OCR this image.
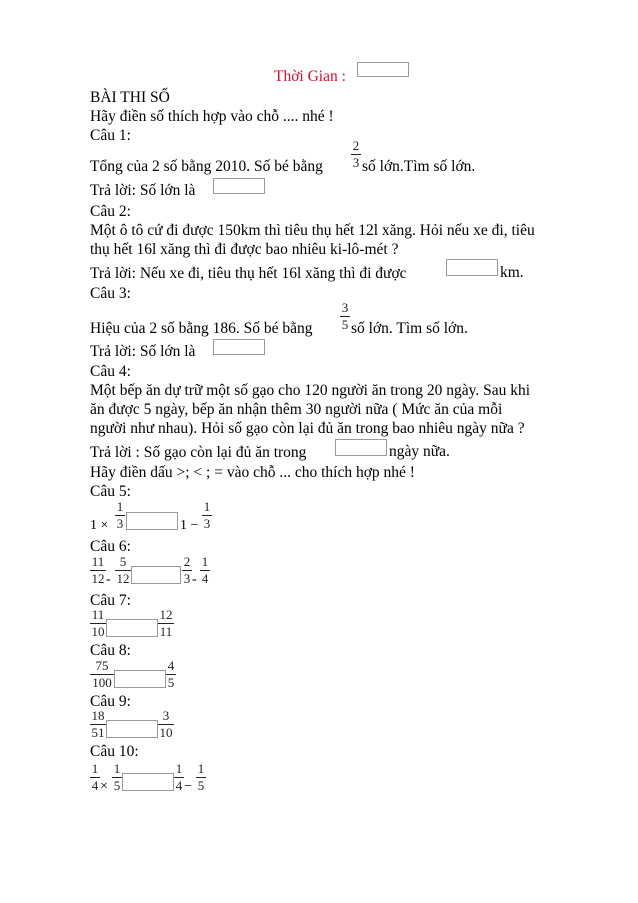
Thời Gian :
BÀI THI SỐ
Hãy điền số thích hợp vào chỗ .... nhé !
Câu 1:
2
3
Tổng của 2 số bằng 2010. Số bé bằng	số lớn.Tìm số lớn.
Trả lời: Số lớn là
Câu 2:
Một ô tô cứ đi được 150km thì tiêu thụ hết 12l xăng. Hỏi nếu xe đi, tiêu
thụ hết 16l xăng thì đi được bao nhiêu ki-lô-mét ?
Trả lời: Nếu xe đi, tiêu thụ hết 16l xăng thì đi được	km.
Câu 3:
3
5
Hiệu của 2 số bằng 186. Số bé bằng số lớn. Tìm số lớn.
Trả lời: Số lớn là
Câu 4:
Một bếp ăn dự trữ một số gạo cho 120 người ăn trong 20 ngày. Sau khi
ăn được 5 ngày, bếp ăn nhận thêm 30 người nữa ( Mức ăn của mỗi
người như nhau). Hỏi số gạo còn lại đủ ăn trong bao nhiêu ngày nữa ?
Trả lời : Số gạo còn lại đủ ăn trong	ngày nữa.
Hãy điền dấu >; < ; = vào chỗ ... cho thích hợp nhé !
Câu 5:
1 ×
1
3	1 −
1
3
Câu 6:
11
12 -
5
12
2
3 -
1
4
Câu 7:
11
10
12
11
Câu 8:
75
100
4
5
Câu 9:
18
51
3
10
Câu 10:
1
4 ×
1
5
1
4 −
1
5
